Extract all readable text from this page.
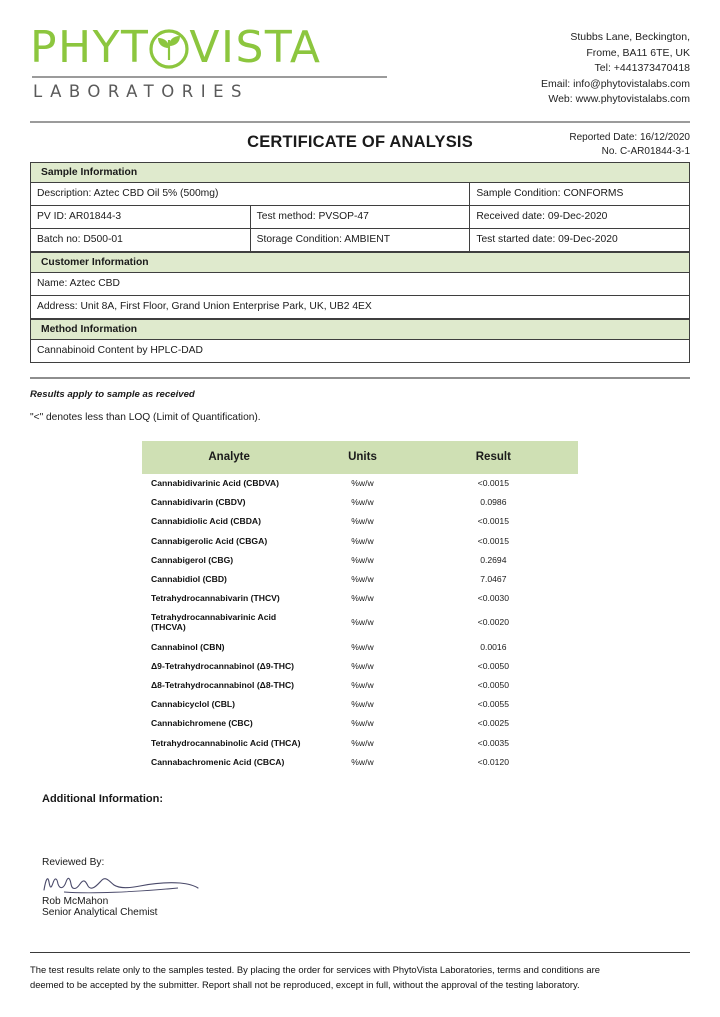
PHYT VISTA
LABORATORIES
Stubbs Lane, Beckington,
Frome, BA11 6TE, UK
Tel: +441373470418
Email: info@phytovistalabs.com
Web: www.phytovistalabs.com
Reported Date: 16/12/2020
No. C-AR01844-3-1
CERTIFICATE OF ANALYSIS
Sample Information		
Description: Aztec CBD Oil 5% (500mg)		Sample Condition: CONFORMS
PV ID: AR01844-3	Test method: PVSOP-47	Received date: 09-Dec-2020
Batch no: D500-01	Storage Condition: AMBIENT	Test started date: 09-Dec-2020
Customer Information
Name: Aztec CBD
Address: Unit 8A, First Floor, Grand Union Enterprise Park, UK, UB2 4EX
Method Information
Cannabinoid Content by HPLC-DAD
Results apply to sample as received
"<" denotes less than LOQ (Limit of Quantification).
Analyte	Units	Result
Cannabidivarinic Acid (CBDVA)	%w/w	<0.0015
Cannabidivarin (CBDV)	%w/w	0.0986
Cannabidiolic Acid (CBDA)	%w/w	<0.0015
Cannabigerolic Acid (CBGA)	%w/w	<0.0015
Cannabigerol (CBG)	%w/w	0.2694
Cannabidiol (CBD)	%w/w	7.0467
Tetrahydrocannabivarin (THCV)	%w/w	<0.0030
Tetrahydrocannabivarinic Acid (THCVA)	%w/w	<0.0020
Cannabinol (CBN)	%w/w	0.0016
Δ9-Tetrahydrocannabinol (Δ9-THC)	%w/w	<0.0050
Δ8-Tetrahydrocannabinol (Δ8-THC)	%w/w	<0.0050
Cannabicyclol (CBL)	%w/w	<0.0055
Cannabichromene (CBC)	%w/w	<0.0025
Tetrahydrocannabinolic Acid (THCA)	%w/w	<0.0035
Cannabachromenic Acid (CBCA)	%w/w	<0.0120
Additional Information:
Reviewed By:
Rob McMahon
Senior Analytical Chemist
The test results relate only to the samples tested. By placing the order for services with PhytoVista Laboratories, terms and conditions are
deemed to be accepted by the submitter. Report shall not be reproduced, except in full, without the approval of the testing laboratory.
